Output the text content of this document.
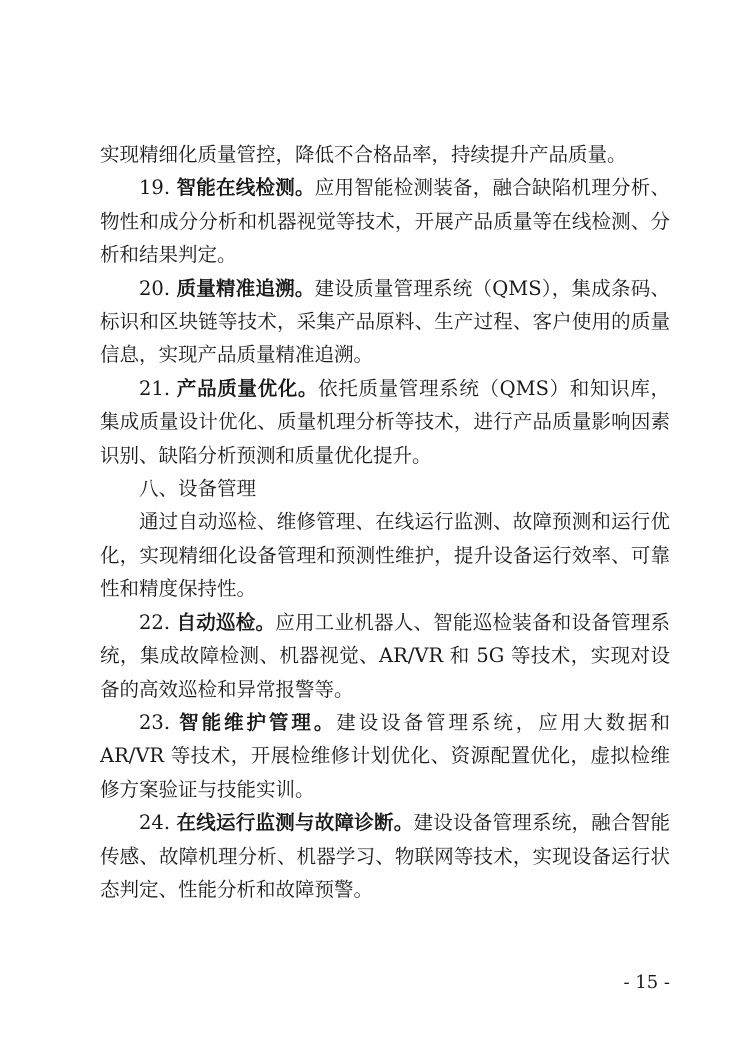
实现精细化质量管控，降低不合格品率，持续提升产品质量。

19. 智能在线检测。应用智能检测装备，融合缺陷机理分析、物性和成分分析和机器视觉等技术，开展产品质量等在线检测、分析和结果判定。

20. 质量精准追溯。建设质量管理系统（QMS），集成条码、标识和区块链等技术，采集产品原料、生产过程、客户使用的质量信息，实现产品质量精准追溯。

21. 产品质量优化。依托质量管理系统（QMS）和知识库，集成质量设计优化、质量机理分析等技术，进行产品质量影响因素识别、缺陷分析预测和质量优化提升。

八、设备管理

通过自动巡检、维修管理、在线运行监测、故障预测和运行优化，实现精细化设备管理和预测性维护，提升设备运行效率、可靠性和精度保持性。

22. 自动巡检。应用工业机器人、智能巡检装备和设备管理系统，集成故障检测、机器视觉、AR/VR 和 5G 等技术，实现对设备的高效巡检和异常报警等。

23. 智能维护管理。建设设备管理系统，应用大数据和 AR/VR 等技术，开展检维修计划优化、资源配置优化，虚拟检维修方案验证与技能实训。

24. 在线运行监测与故障诊断。建设设备管理系统，融合智能传感、故障机理分析、机器学习、物联网等技术，实现设备运行状态判定、性能分析和故障预警。

- 15 -
